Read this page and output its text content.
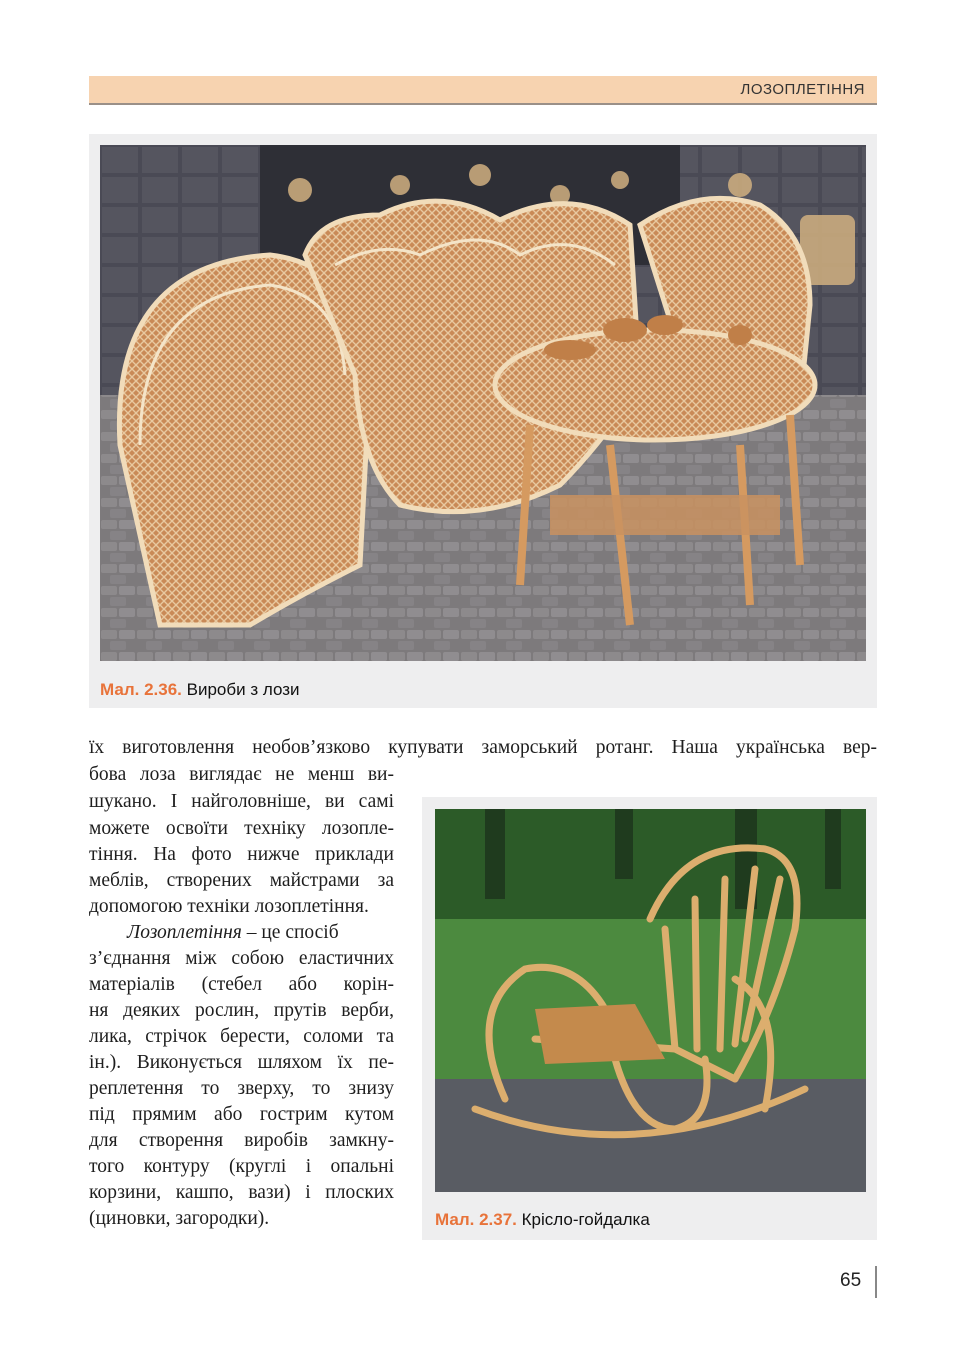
ЛОЗОПЛЕТІННЯ
Мал. 2.36. Вироби з лози
їх виготовлення необов’язково купувати заморський ротанг. Наша українська вер-
бова лоза виглядає не менш ви-
шукано. І найголовніше, ви самі
можете освоїти техніку лозопле-
тіння. На фото нижче приклади
меблів, створених майстрами за
допомогою техніки лозоплетіння.
Лозоплетіння – це спосіб
з’єднання між собою еластичних
матеріалів (стебел або корін-
ня деяких рослин, прутів верби,
лика, стрічок берести, соломи та
ін.). Виконується шляхом їх пе-
реплетення то зверху, то знизу
під прямим або гострим кутом
для створення виробів замкну-
того контуру (круглі і опальні
корзини, кашпо, вази) і плоских
(циновки, загородки).	Мал. 2.37. Крісло-гойдалка
65
